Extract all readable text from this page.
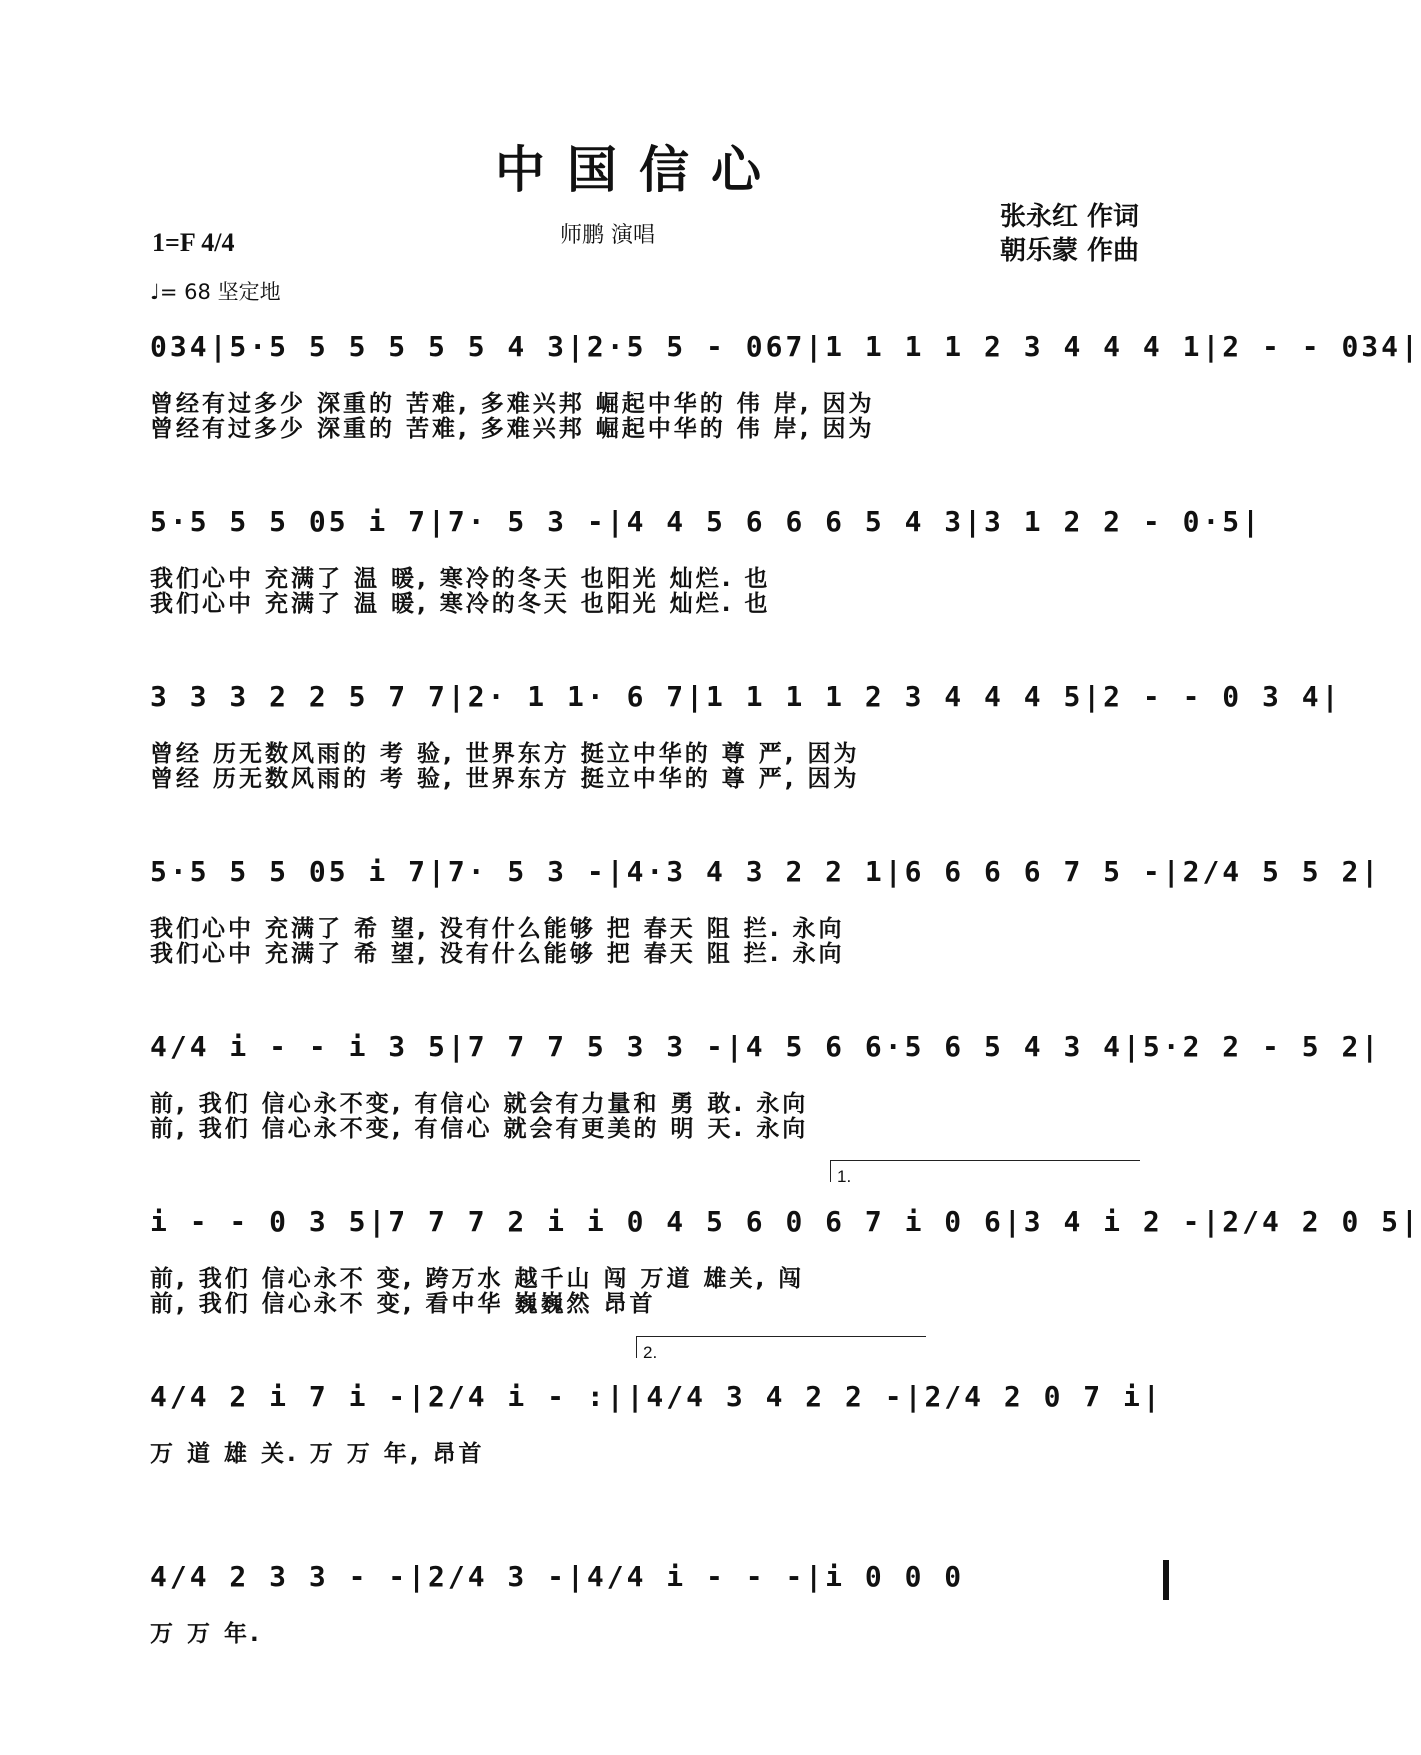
中国信心
1=F 4/4
♩= 68 坚定地
师鹏 演唱
张永红 作词
朝乐蒙 作曲
034|5·5 5 5 5 5 5 4 3|2·5 5 - 067|1 1 1 1 2 3 4 4 4 1|2 - - 034|
曾经有过多少 深重的 苦难, 多难兴邦 崛起中华的 伟 岸, 因为
曾经有过多少 深重的 苦难, 多难兴邦 崛起中华的 伟 岸, 因为
5·5 5 5 05 i 7|7· 5 3 -|4 4 5 6 6 6 5 4 3|3 1 2 2 - 0·5|
我们心中 充满了 温 暖, 寒冷的冬天 也阳光 灿烂. 也
我们心中 充满了 温 暖, 寒冷的冬天 也阳光 灿烂. 也
3 3 3 2 2 5 7 7|2· 1 1· 6 7|1 1 1 1 2 3 4 4 4 5|2 - - 0 3 4|
曾经 历无数风雨的 考 验, 世界东方 挺立中华的 尊 严, 因为
曾经 历无数风雨的 考 验, 世界东方 挺立中华的 尊 严, 因为
5·5 5 5 05 i 7|7· 5 3 -|4·3 4 3 2 2 1|6 6 6 6 7 5 -|2/4 5 5 2|
我们心中 充满了 希 望, 没有什么能够 把 春天 阻 拦. 永向
我们心中 充满了 希 望, 没有什么能够 把 春天 阻 拦. 永向
4/4 i - - i 3 5|7 7 7 5 3 3 -|4 5 6 6·5 6 5 4 3 4|5·2 2 - 5 2|
前, 我们 信心永不变, 有信心 就会有力量和 勇 敢. 永向
前, 我们 信心永不变, 有信心 就会有更美的 明 天. 永向
1.
i - - 0 3 5|7 7 7 2 i i 0 4 5 6 0 6 7 i 0 6|3 4 i 2 -|2/4 2 0 5|
前, 我们 信心永不 变, 跨万水 越千山 闯 万道 雄关, 闯
前, 我们 信心永不 变, 看中华 巍巍然 昂首
2.
4/4 2 i 7 i -|2/4 i - :||4/4 3 4 2 2 -|2/4 2 0 7 i|
万 道 雄 关. 万 万 年, 昂首
4/4 2 3 3 - -|2/4 3 -|4/4 i - - -|i 0 0 0
万 万 年.
